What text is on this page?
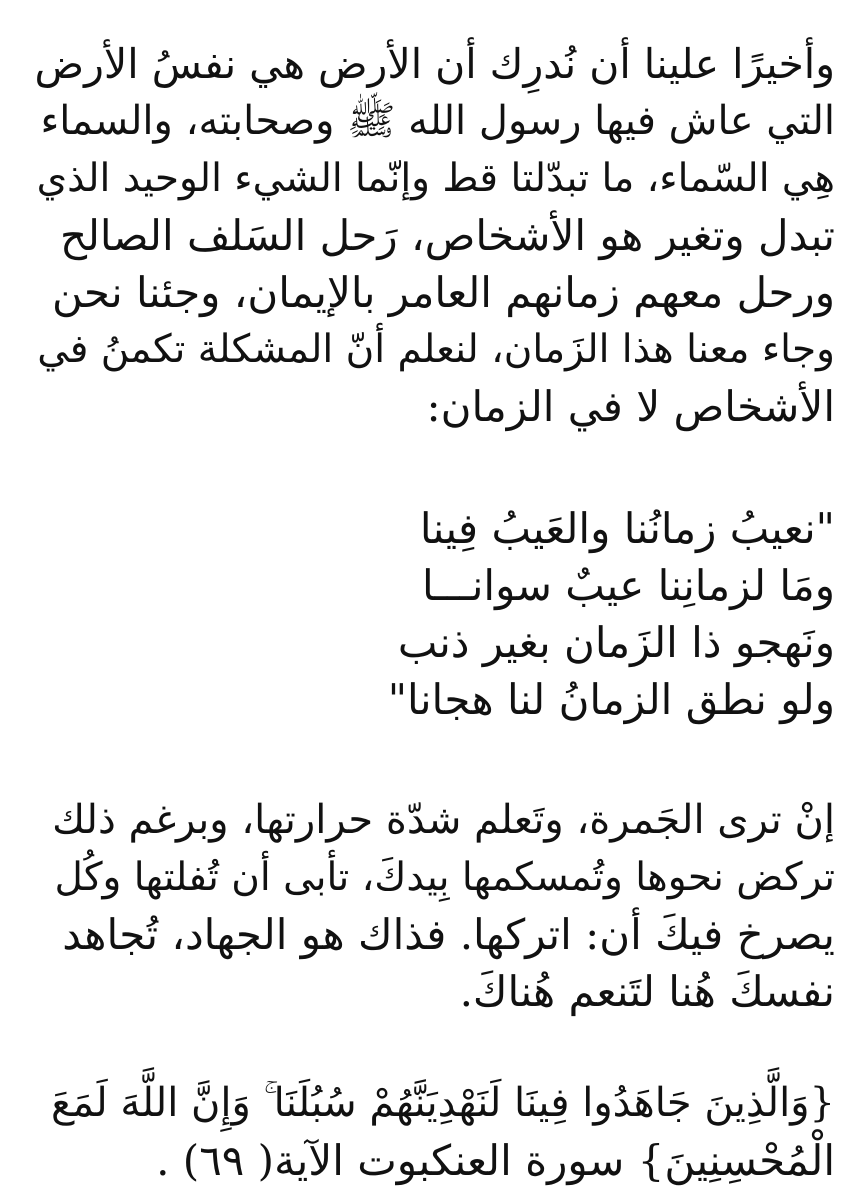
وأخيرًا علينا أن نُدرِك أن الأرض هي نفسُ الأرض
التي عاش فيها رسول الله ﷺ وصحابته، والسماء
هِي السّماء، ما تبدّلتا قط وإنّما الشيء الوحيد الذي
تبدل وتغير هو الأشخاص، رَحل السَلف الصالح
ورحل معهم زمانهم العامر بالإيمان، وجئنا نحن
وجاء معنا هذا الزَمان، لنعلم أنّ المشكلة تكمنُ في
الأشخاص لا في الزمان:
"نعيبُ زمانُنا والعَيبُ فِينا
ومَا لزمانِنا عيبٌ سوانـــا
ونَهجو ذا الزَمان بغير ذنب
ولو نطق الزمانُ لنا هجانا"
إنْ ترى الجَمرة، وتَعلم شدّة حرارتها، وبرغم ذلك
تركض نحوها وتُمسكمها بِيدكَ، تأبى أن تُفلتها وكُل
يصرخ فيكَ أن: اتركها. فذاك هو الجهاد، تُجاهد
نفسكَ هُنا لتَنعم هُناكَ.
{وَالَّذِينَ جَاهَدُوا فِينَا لَنَهْدِيَنَّهُمْ سُبُلَنَا ۚ وَإِنَّ اللَّهَ لَمَعَ
الْمُحْسِنِينَ} سورة العنكبوت الآية( ٦٩) .
